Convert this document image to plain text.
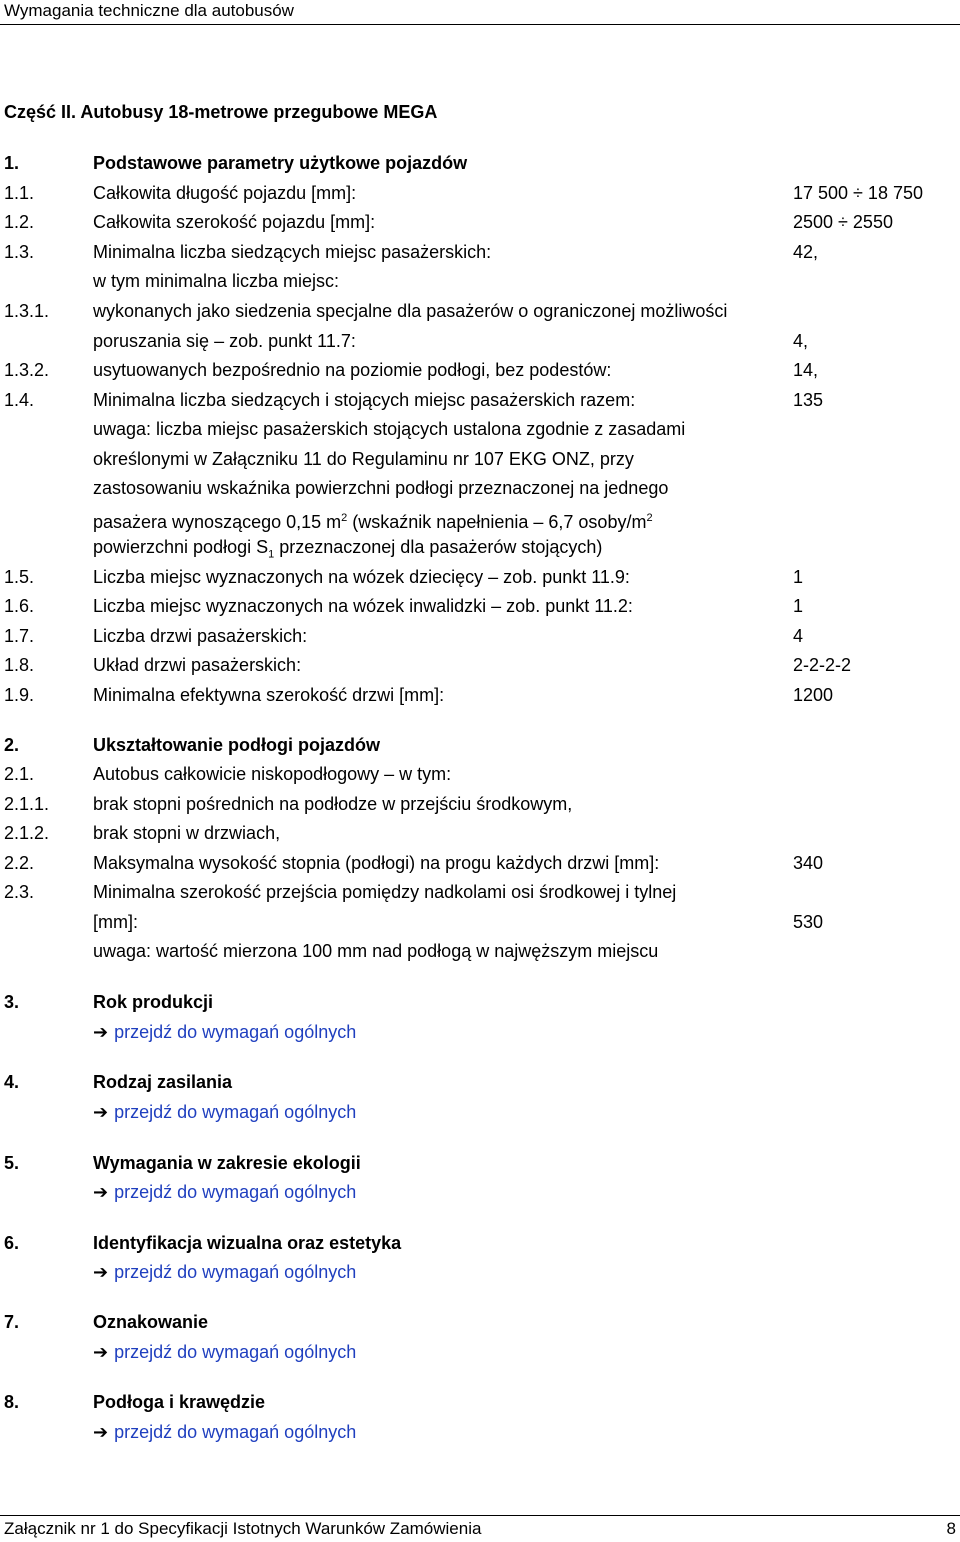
Wymagania techniczne dla autobusów
Część II. Autobusy 18-metrowe przegubowe MEGA
1.	Podstawowe parametry użytkowe pojazdów
1.1.	Całkowita długość pojazdu [mm]:	17 500 ÷ 18 750
1.2.	Całkowita szerokość pojazdu [mm]:	2500 ÷ 2550
1.3.	Minimalna liczba siedzących miejsc pasażerskich:	42,
w tym minimalna liczba miejsc:
1.3.1. wykonanych jako siedzenia specjalne dla pasażerów o ograniczonej możliwości
poruszania się – zob. punkt 11.7:	4,
1.3.2. usytuowanych bezpośrednio na poziomie podłogi, bez podestów:	14,
1.4.	Minimalna liczba siedzących i stojących miejsc pasażerskich razem:	135
uwaga: liczba miejsc pasażerskich stojących ustalona zgodnie z zasadami
określonymi w Załączniku 11 do Regulaminu nr 107 EKG ONZ, przy
zastosowaniu wskaźnika powierzchni podłogi przeznaczonej na jednego
pasażera wynoszącego 0,15 $m^2$ (wskaźnik napełnienia – 6,7 osoby/$m^2$
powierzchni podłogi $S_1$ przeznaczonej dla pasażerów stojących)
1.5.	Liczba miejsc wyznaczonych na wózek dziecięcy – zob. punkt 11.9:	1
1.6.	Liczba miejsc wyznaczonych na wózek inwalidzki – zob. punkt 11.2:	1
1.7.	Liczba drzwi pasażerskich:	4
1.8.	Układ drzwi pasażerskich:	2-2-2-2
1.9.	Minimalna efektywna szerokość drzwi [mm]:	1200
2.	Ukształtowanie podłogi pojazdów
2.1.	Autobus całkowicie niskopodłogowy – w tym:
2.1.1. brak stopni pośrednich na podłodze w przejściu środkowym,
2.1.2. brak stopni w drzwiach,
2.2.	Maksymalna wysokość stopnia (podłogi) na progu każdych drzwi [mm]:	340
2.3.	Minimalna szerokość przejścia pomiędzy nadkolami osi środkowej i tylnej
[mm]:	530
uwaga: wartość mierzona 100 mm nad podłogą w najwęższym miejscu
3.	Rok produkcji
➔ przejdź do wymagań ogólnych
4.	Rodzaj zasilania
➔ przejdź do wymagań ogólnych
5.	Wymagania w zakresie ekologii
➔ przejdź do wymagań ogólnych
6.	Identyfikacja wizualna oraz estetyka
➔ przejdź do wymagań ogólnych
7.	Oznakowanie
➔ przejdź do wymagań ogólnych
8.	Podłoga i krawędzie
➔ przejdź do wymagań ogólnych
Załącznik nr 1 do Specyfikacji Istotnych Warunków Zamówienia	8
